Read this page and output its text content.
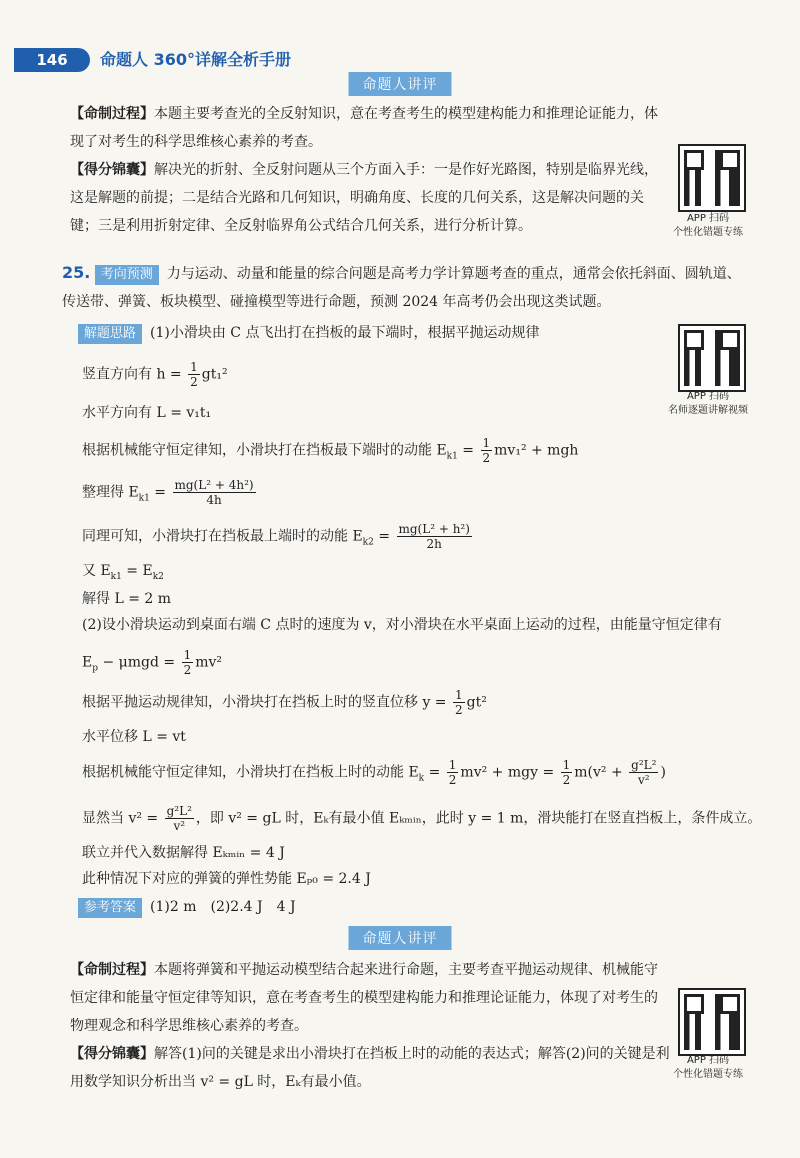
146	命题人 360°详解全析手册
命题人讲评
【命制过程】本题主要考查光的全反射知识，意在考查考生的模型建构能力和推理论证能力，体现了对考生的科学思维核心素养的考查。
【得分锦囊】解决光的折射、全反射问题从三个方面入手：一是作好光路图，特别是临界光线，这是解题的前提；二是结合光路和几何知识，明确角度、长度的几何关系，这是解决问题的关键；三是利用折射定律、全反射临界角公式结合几何关系，进行分析计算。	APP 扫码
个性化错题专练
25. 考向预测 力与运动、动量和能量的综合问题是高考力学计算题考查的重点，通常会依托斜面、圆轨道、传送带、弹簧、板块模型、碰撞模型等进行命题，预测 2024 年高考仍会出现这类试题。
解题思路 (1)小滑块由 C 点飞出打在挡板的最下端时，根据平抛运动规律
APP 扫码
名师逐题讲解视频
竖直方向有 $h = \frac{1}{2} gt_1^2$
水平方向有 L = v₁t₁
根据机械能守恒定律知，小滑块打在挡板最下端时的动能 $E_{k1} = \frac{1}{2} mv_1^2$ + mgh
整理得 $E_{k1} = \frac{\text{mg(L² + 4h²)}}{4h}$
同理可知，小滑块打在挡板最上端时的动能 $E_{k2} = \frac{\text{mg(L² + h²)}}{2h}$
又 $E_{k1} = E_{k2}$
解得 L = 2 m
(2)设小滑块运动到桌面右端 C 点时的速度为 v，对小滑块在水平桌面上运动的过程，由能量守恒定律有
$E_p - \mu mgd = \frac{1}{2} mv^2$
根据平抛运动规律知，小滑块打在挡板上时的竖直位移 $y = \frac{1}{2} gt^2$
水平位移 L = vt
根据机械能守恒定律知，小滑块打在挡板上时的动能 $E_k = \frac{1}{2} mv^2$ + mgy = $\frac{1}{2} m(v^2 + \frac{\text{g²L²}}{\text{v²}}$ )
显然当 $v^2 = \frac{\text{g²L²}}{\text{v²}}$ ，即 v² = gL 时，Eₖ有最小值 Eₖₘᵢₙ，此时 y = 1 m，滑块能打在竖直挡板上，条件成立。
联立并代入数据解得 Eₖₘᵢₙ = 4 J
此种情况下对应的弹簧的弹性势能 Eₚ₀ = 2.4 J
参考答案 (1)2 m　(2)2.4 J　4 J
命题人讲评
【命制过程】本题将弹簧和平抛运动模型结合起来进行命题，主要考查平抛运动规律、机械能守恒定律和能量守恒定律等知识，意在考查考生的模型建构能力和推理论证能力，体现了对考生的物理观念和科学思维核心素养的考查。
【得分锦囊】解答(1)问的关键是求出小滑块打在挡板上时的动能的表达式；解答(2)问的关键是利用数学知识分析出当 v² = gL 时，Eₖ有最小值。
APP 扫码
个性化错题专练
